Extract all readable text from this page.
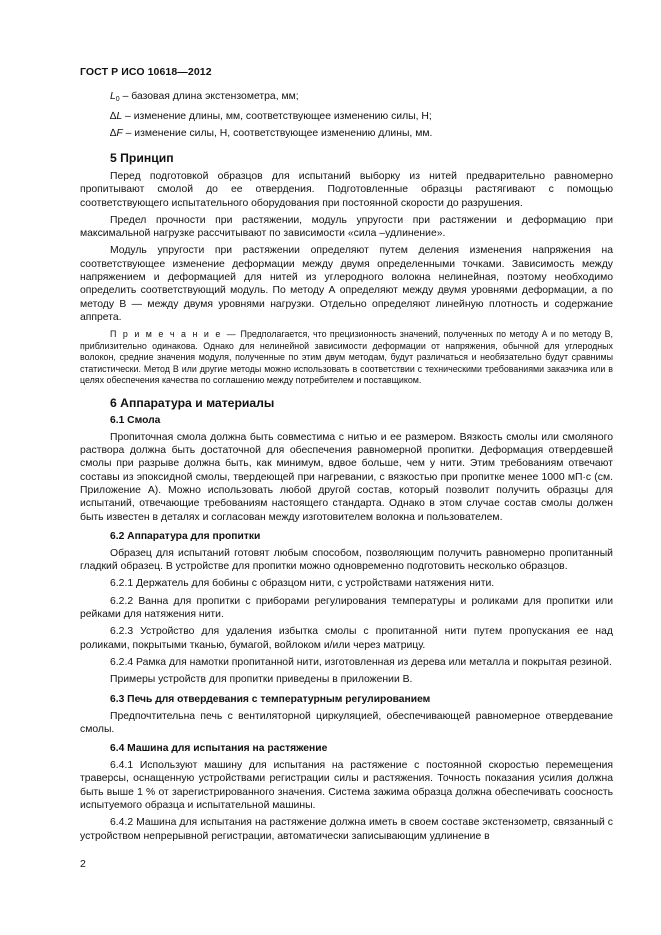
ГОСТ Р ИСО 10618—2012
$L_0$ – базовая длина экстензометра, мм;
∆L – изменение длины, мм, соответствующее изменению силы, Н;
∆F – изменение силы, Н, соответствующее изменению длины, мм.
5 Принцип

Перед подготовкой образцов для испытаний выборку из нитей предварительно равномерно пропитывают смолой до ее отвердения. Подготовленные образцы растягивают с помощью соответствующего испытательного оборудования при постоянной скорости до разрушения.

Предел прочности при растяжении, модуль упругости при растяжении и деформацию при максимальной нагрузке рассчитывают по зависимости «сила –удлинение».

Модуль упругости при растяжении определяют путем деления изменения напряжения на соответствующее изменение деформации между двумя определенными точками. Зависимость между напряжением и деформацией для нитей из углеродного волокна нелинейная, поэтому необходимо определить соответствующий модуль. По методу А определяют между двумя уровнями деформации, а по методу В — между двумя уровнями нагрузки. Отдельно определяют линейную плотность и содержание аппрета.

П р и м е ч а н и е — Предполагается, что прецизионность значений, полученных по методу А и по методу В, приблизительно одинакова. Однако для нелинейной зависимости деформации от напряжения, обычной для углеродных волокон, средние значения модуля, полученные по этим двум методам, будут различаться и необязательно будут сравнимы статистически. Метод В или другие методы можно использовать в соответствии с техническими требованиями заказчика или в целях обеспечения качества по соглашению между потребителем и поставщиком.

6 Аппаратура и материалы
6.1 Смола

Пропиточная смола должна быть совместима с нитью и ее размером. Вязкость смолы или смоляного раствора должна быть достаточной для обеспечения равномерной пропитки. Деформация отвердевшей смолы при разрыве должна быть, как минимум, вдвое больше, чем у нити. Этим требованиям отвечают составы из эпоксидной смолы, твердеющей при нагревании, с вязкостью при пропитке менее 1000 мП·с (см. Приложение А). Можно использовать любой другой состав, который позволит получить образцы для испытаний, отвечающие требованиям настоящего стандарта. Однако в этом случае состав смолы должен быть известен в деталях и согласован между изготовителем волокна и пользователем.

6.2 Аппаратура для пропитки

Образец для испытаний готовят любым способом, позволяющим получить равномерно пропитанный гладкий образец. В устройстве для пропитки можно одновременно подготовить несколько образцов.

6.2.1 Держатель для бобины с образцом нити, с устройствами натяжения нити.

6.2.2 Ванна для пропитки с приборами регулирования температуры и роликами для пропитки или рейками для натяжения нити.

6.2.3 Устройство для удаления избытка смолы с пропитанной нити путем пропускания ее над роликами, покрытыми тканью, бумагой, войлоком и/или через матрицу.

6.2.4 Рамка для намотки пропитанной нити, изготовленная из дерева или металла и покрытая резиной.

Примеры устройств для пропитки приведены в приложении В.

6.3 Печь для отвердевания с температурным регулированием

Предпочтительна печь с вентиляторной циркуляцией, обеспечивающей равномерное отвердевание смолы.

6.4 Машина для испытания на растяжение

6.4.1 Используют машину для испытания на растяжение с постоянной скоростью перемещения траверсы, оснащенную устройствами регистрации силы и растяжения. Точность показания усилия должна быть выше 1 % от зарегистрированного значения. Система зажима образца должна обеспечивать соосность испытуемого образца и испытательной машины.

6.4.2 Машина для испытания на растяжение должна иметь в своем составе экстензометр, связанный с устройством непрерывной регистрации, автоматически записывающим удлинение в

2
